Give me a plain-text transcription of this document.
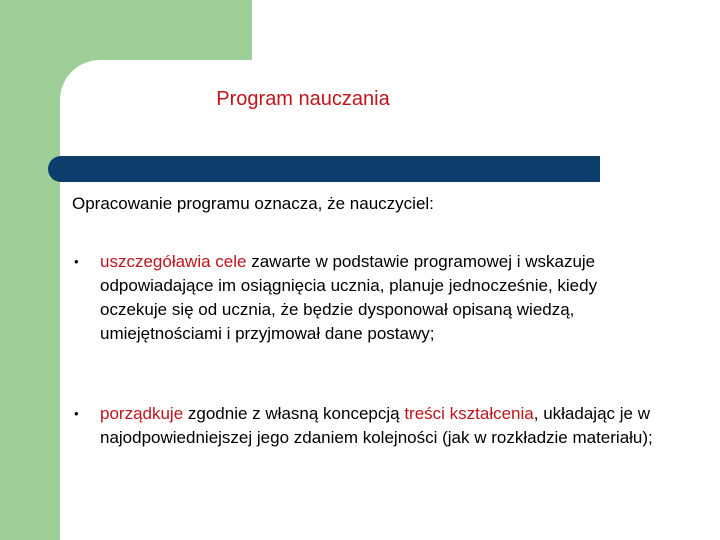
Program nauczania
Opracowanie programu oznacza, że nauczyciel:
• uszczegóławia cele zawarte w podstawie programowej i wskazuje odpowiadające im osiągnięcia ucznia, planuje jednocześnie, kiedy oczekuje się od ucznia, że będzie dysponował opisaną wiedzą, umiejętnościami i przyjmował dane postawy;
• porządkuje zgodnie z własną koncepcją treści kształcenia, układając je w najodpowiedniejszej jego zdaniem kolejności (jak w rozkładzie materiału);
